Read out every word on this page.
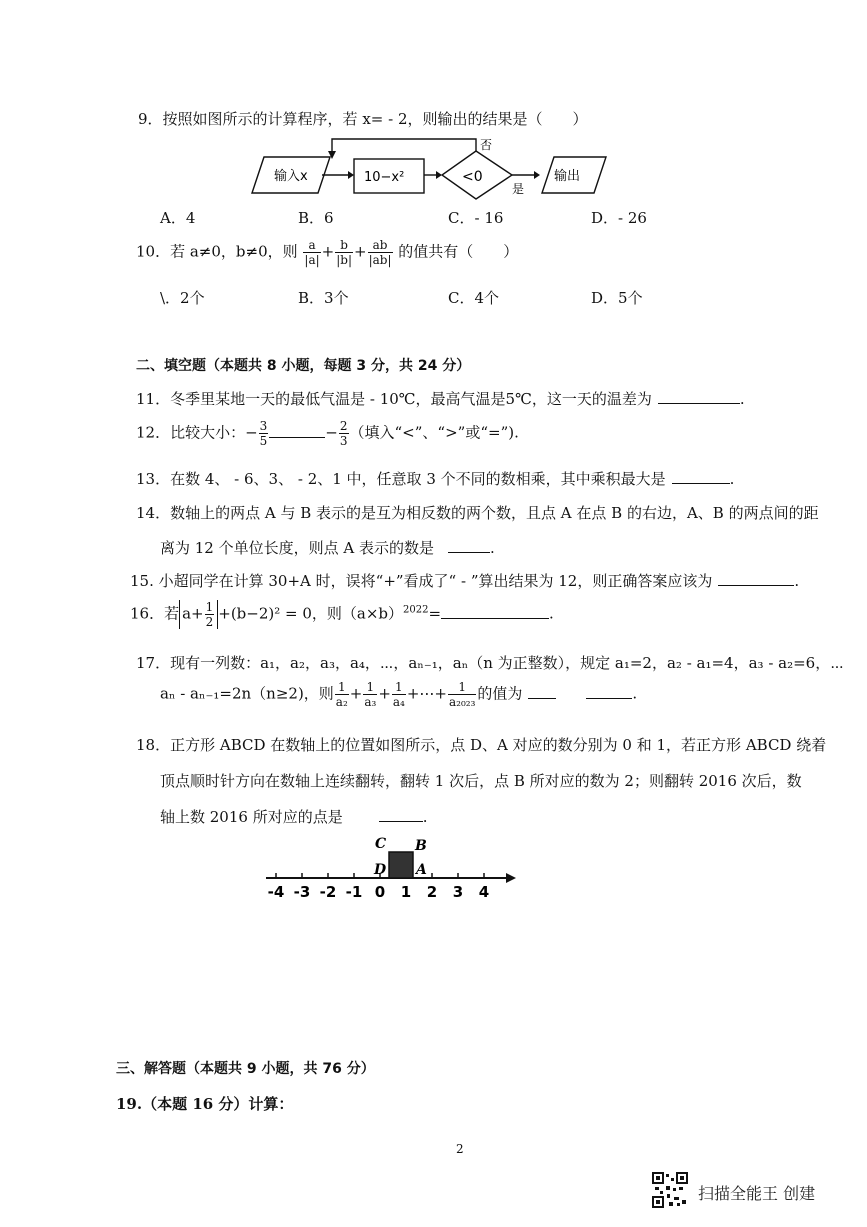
9．按照如图所示的计算程序，若 x= - 2，则输出的结果是（　　）
输入x	10−x²	<0
否
是
输出
A．4	B．6	C．- 16	D．- 26
10．若 a≠0，b≠0，则 $\frac{a}{|a|} + \frac{b}{|b|} + \frac{ab}{|ab|}$ 的值共有（　　）
\．2个	B．3个	C．4个	D．5个
二、填空题（本题共 8 小题，每题 3 分，共 24 分）
11．冬季里某地一天的最低气温是 - 10℃，最高气温是5℃，这一天的温差为	.
12．比较大小：− $\frac{3}{5}$	− $\frac{2}{3}$ （填入“<”、“>”或“=”).
13．在数 4、 - 6、3、 - 2、1 中，任意取 3 个不同的数相乘，其中乘积最大是	.
14．数轴上的两点 A 与 B 表示的是互为相反数的两个数，且点 A 在点 B 的右边，A、B 的两点间的距
离为 12 个单位长度，则点 A 表示的数是	.
15. 小超同学在计算 30+A 时，误将“+”看成了“ - ”算出结果为 12，则正确答案应该为	.
16．若 $a+ \frac{1}{2} +(b-2)^2 = 0$，则$(a\times b)^{2022}=$	.
17．现有一列数：a₁，a₂，a₃，a₄，⋯，aₙ₋₁，aₙ（n 为正整数），规定 a₁=2，a₂ - a₁=4，a₃ - a₂=6，⋯
aₙ - aₙ₋₁=2n（n≥2)，则 $\frac{1}{\text{a₂}} + \frac{1}{\text{a₃}} + \frac{1}{\text{a₄}}$ +⋯+ $\frac{1}{\text{a₂₀₂₃}}$ 的值为	.
18．正方形 ABCD 在数轴上的位置如图所示，点 D、A 对应的数分别为 0 和 1，若正方形 ABCD 绕着
顶点顺时针方向在数轴上连续翻转，翻转 1 次后，点 B 所对应的数为 2；则翻转 2016 次后，数
轴上数 2016 所对应的点是	.
-4 -3 -2 -1 0 1 2 3 4
C B
D A
三、解答题（本题共 9 小题，共 76 分）
19.（本题 16 分）计算：
2
扫描全能王 创建
